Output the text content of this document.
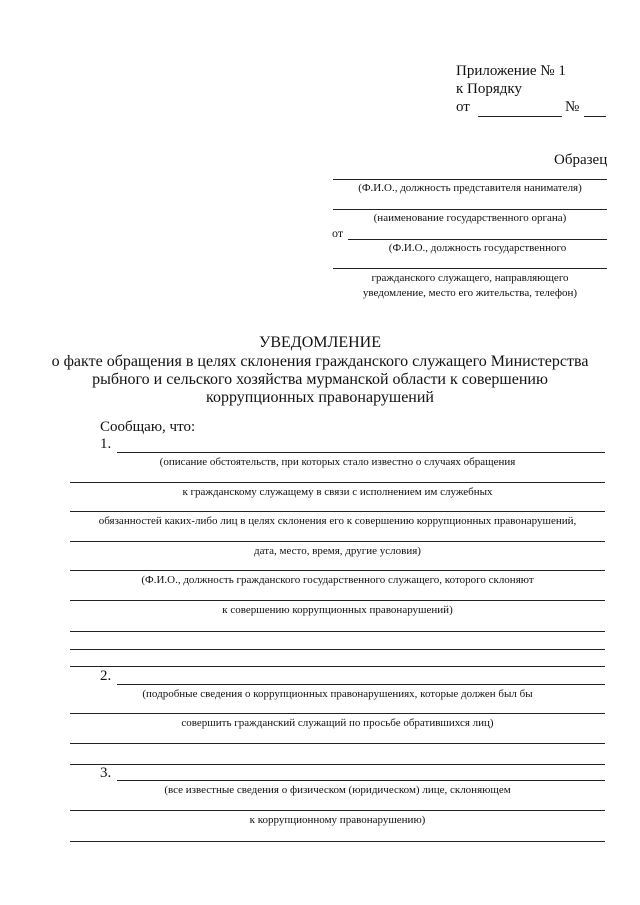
Приложение № 1
к Порядку
от	№
Образец
(Ф.И.О., должность представителя нанимателя)
(наименование государственного органа)
от
(Ф.И.О., должность государственного
гражданского служащего, направляющего
уведомление, место его жительства, телефон)
УВЕДОМЛЕНИЕ
о факте обращения в целях склонения гражданского служащего Министерства
рыбного и сельского хозяйства мурманской области к совершению
коррупционных правонарушений
Сообщаю, что:
1.
(описание обстоятельств, при которых стало известно о случаях обращения
к гражданскому служащему в связи с исполнением им служебных
обязанностей каких-либо лиц в целях склонения его к совершению коррупционных правонарушений,
дата, место, время, другие условия)
(Ф.И.О., должность гражданского государственного служащего, которого склоняют
к совершению коррупционных правонарушений)
2.
(подробные сведения о коррупционных правонарушениях, которые должен был бы
совершить гражданский служащий по просьбе обратившихся лиц)
3.
(все известные сведения о физическом (юридическом) лице, склоняющем
к коррупционному правонарушению)
